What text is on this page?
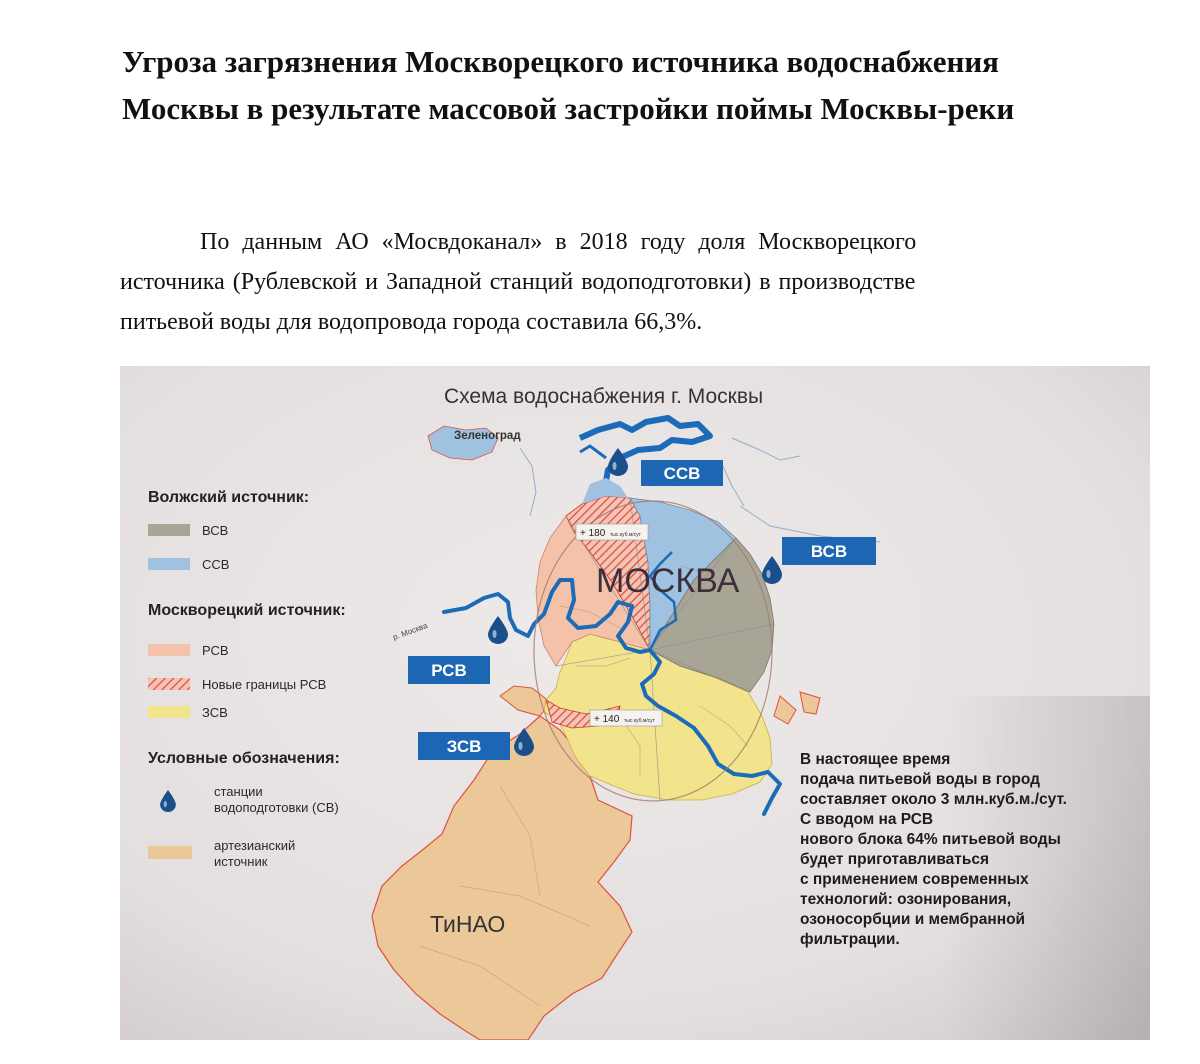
Угроза загрязнения Москворецкого источника водоснабжения
Москвы в результате массовой застройки поймы Москвы-реки

По данным АО «Мосвдоканал» в 2018 году доля Москворецкого
источника (Рублевской и Западной станций водоподготовки) в производстве
питьевой воды для водопровода города составила 66,3%.

Схема водоснабжения г. Москвы
Зеленоград
р. Москва
МОСКВА
+ 180 тыс.куб.м/сут
+ 140 тыс.куб.м/сут
ТиНАО
ССВ
ВСВ
РСВ
ЗСВ
Волжский источник:
ВСВ
ССВ
Москворецкий источник:
РСВ
Новые границы РСВ
ЗСВ
Условные обозначения:
станции
водоподготовки (СВ)
артезианский
источник
В настоящее время
подача питьевой воды в город
составляет около 3 млн.куб.м./сут.
С вводом на РСВ
нового блока 64% питьевой воды
будет приготавливаться
с применением современных
технологий: озонирования,
озоносорбции и мембранной
фильтрации.
